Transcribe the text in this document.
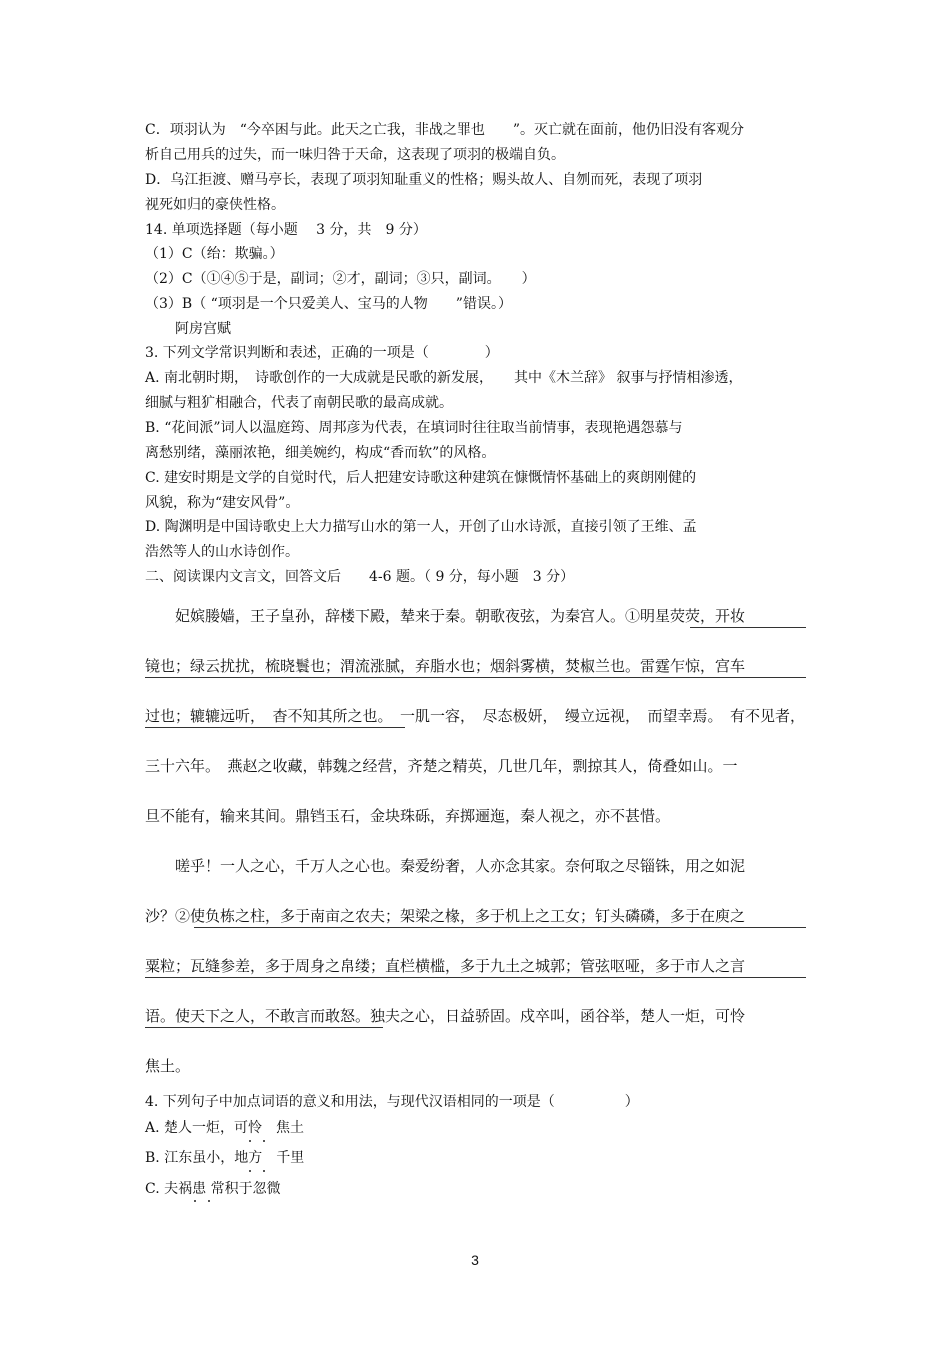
C．项羽认为　“今卒困与此。此天之亡我，非战之罪也　　”。灭亡就在面前，他仍旧没有客观分
析自己用兵的过失，而一味归咎于天命，这表现了项羽的极端自负。
D．乌江拒渡、赠马亭长，表现了项羽知耻重义的性格；赐头故人、自刎而死，表现了项羽
视死如归的豪侠性格。
14. 单项选择题（每小题　 3 分，共　9 分）
（1）C（绐：欺骗。）
（2）C（①④⑤于是，副词；②才，副词；③只，副词。　　）
（3）B（ “项羽是一个只爱美人、宝马的人物　　”错误。）
阿房宫赋
3. 下列文学常识判断和表述，正确的一项是（　　　　）
A. 南北朝时期，　诗歌创作的一大成就是民歌的新发展，　　其中《木兰辞》 叙事与抒情相渗透，
细腻与粗犷相融合，代表了南朝民歌的最高成就。
B. “花间派”词人以温庭筠、周邦彦为代表，在填词时往往取当前情事，表现艳遇怨慕与
离愁别绪，藻丽浓艳，细美婉约，构成“香而软”的风格。
C. 建安时期是文学的自觉时代，后人把建安诗歌这种建筑在慷慨情怀基础上的爽朗刚健的
风貌，称为“建安风骨”。
D. 陶渊明是中国诗歌史上大力描写山水的第一人，开创了山水诗派，直接引领了王维、孟
浩然等人的山水诗创作。
二、阅读课内文言文，回答文后　　4-6 题。（ 9 分，每小题　3 分）
妃嫔媵嫱，王子皇孙，辞楼下殿，辇来于秦。朝歌夜弦，为秦宫人。①明星荧荧，开妆
镜也；绿云扰扰，梳晓鬟也；渭流涨腻，弃脂水也；烟斜雾横，焚椒兰也。雷霆乍惊，宫车
过也；辘辘远听，　杳不知其所之也。　一肌一容，　尽态极妍，　缦立远视，　而望幸焉。　有不见者，
三十六年。　燕赵之收藏，韩魏之经营，齐楚之精英，几世几年，剽掠其人，倚叠如山。一
旦不能有，输来其间。鼎铛玉石，金块珠砾，弃掷逦迤，秦人视之，亦不甚惜。
嗟乎！一人之心，千万人之心也。秦爱纷奢，人亦念其家。奈何取之尽锱铢，用之如泥
沙？②使负栋之柱，多于南亩之农夫；架梁之椽，多于机上之工女；钉头磷磷，多于在庾之
粟粒；瓦缝参差，多于周身之帛缕；直栏横槛，多于九土之城郭；管弦呕哑，多于市人之言
语。使天下之人，不敢言而敢怒。独夫之心，日益骄固。戍卒叫，函谷举，楚人一炬，可怜
焦土。
4. 下列句子中加点词语的意义和用法，与现代汉语相同的一项是（　　　　　）
A. 楚人一炬，可怜　焦土
B. 江东虽小，地方　千里
C. 夫祸患 常积于忽微
3
